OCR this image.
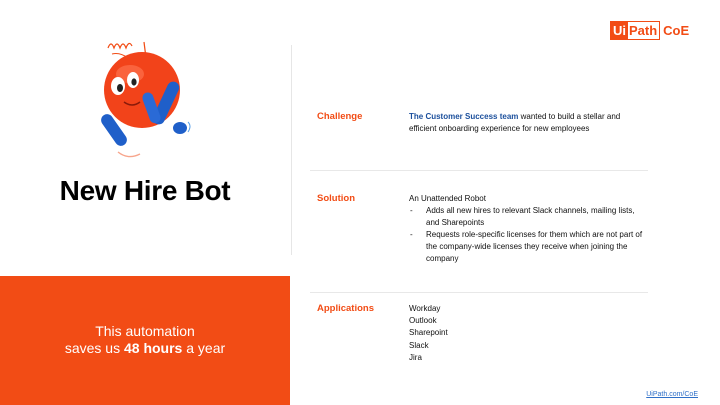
New Hire Bot
This automation
saves us 48 hours a year
Ui Path CoE
Challenge	The Customer Success team wanted to build a stellar and efficient onboarding experience for new employees
Solution	An Unattended Robot
- Adds all new hires to relevant Slack channels, mailing lists, and Sharepoints
- Requests role-specific licenses for them which are not part of the company-wide licenses they receive when joining the company
Applications	Workday
Outlook
Sharepoint
Slack
Jira
UiPath.com/CoE
